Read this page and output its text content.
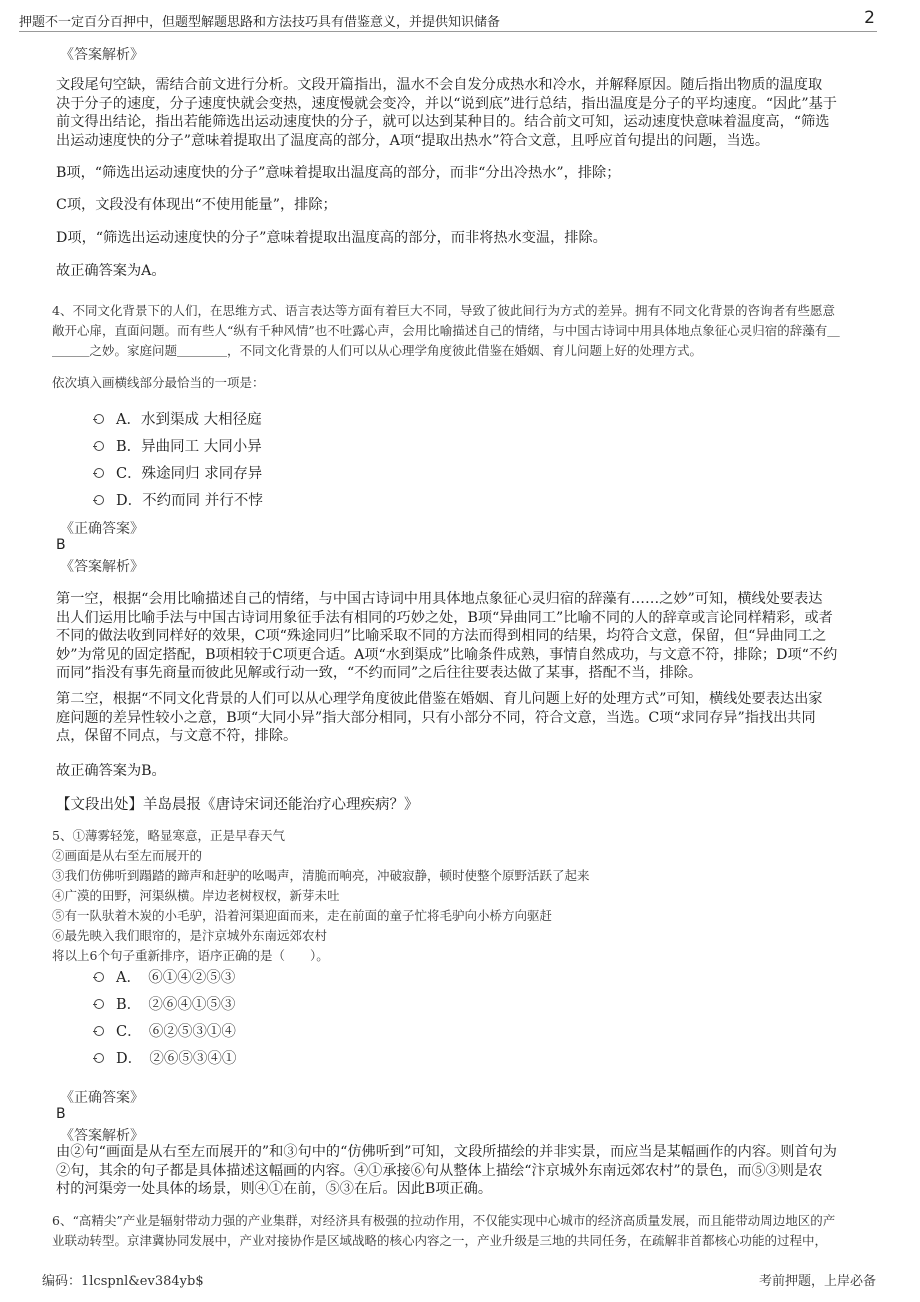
押题不一定百分百押中，但题型解题思路和方法技巧具有借鉴意义，并提供知识储备	2
《答案解析》
文段尾句空缺，需结合前文进行分析。文段开篇指出，温水不会自发分成热水和冷水，并解释原因。随后指出物质的温度取
决于分子的速度，分子速度快就会变热，速度慢就会变冷，并以“说到底”进行总结，指出温度是分子的平均速度。“因此”基于
前文得出结论，指出若能筛选出运动速度快的分子，就可以达到某种目的。结合前文可知，运动速度快意味着温度高，“筛选
出运动速度快的分子”意味着提取出了温度高的部分，A项“提取出热水”符合文意，且呼应首句提出的问题，当选。
B项，“筛选出运动速度快的分子”意味着提取出温度高的部分，而非“分出冷热水”，排除；
C项，文段没有体现出“不使用能量”，排除；
D项，“筛选出运动速度快的分子”意味着提取出温度高的部分，而非将热水变温，排除。
故正确答案为A。
4、不同文化背景下的人们，在思维方式、语言表达等方面有着巨大不同，导致了彼此间行为方式的差异。拥有不同文化背景的咨询者有些愿意
敞开心扉，直面问题。而有些人“纵有千种风情”也不吐露心声，会用比喻描述自己的情绪，与中国古诗词中用具体地点象征心灵归宿的辞藻有＿
＿＿＿之妙。家庭问题＿＿＿＿，不同文化背景的人们可以从心理学角度彼此借鉴在婚姻、育儿问题上好的处理方式。
依次填入画横线部分最恰当的一项是：
A．水到渠成 大相径庭
B．异曲同工 大同小异
C．殊途同归 求同存异
D．不约而同 并行不悖
《正确答案》
B
《答案解析》
第一空，根据“会用比喻描述自己的情绪，与中国古诗词中用具体地点象征心灵归宿的辞藻有……之妙”可知，横线处要表达
出人们运用比喻手法与中国古诗词用象征手法有相同的巧妙之处，B项“异曲同工”比喻不同的人的辞章或言论同样精彩，或者
不同的做法收到同样好的效果，C项“殊途同归”比喻采取不同的方法而得到相同的结果，均符合文意，保留，但“异曲同工之
妙”为常见的固定搭配，B项相较于C项更合适。A项“水到渠成”比喻条件成熟，事情自然成功，与文意不符，排除；D项“不约
而同”指没有事先商量而彼此见解或行动一致，“不约而同”之后往往要表达做了某事，搭配不当，排除。
第二空，根据“不同文化背景的人们可以从心理学角度彼此借鉴在婚姻、育儿问题上好的处理方式”可知，横线处要表达出家
庭问题的差异性较小之意，B项“大同小异”指大部分相同，只有小部分不同，符合文意，当选。C项“求同存异”指找出共同
点，保留不同点，与文意不符，排除。
故正确答案为B。
【文段出处】羊岛晨报《唐诗宋词还能治疗心理疾病？》
5、①薄雾轻笼，略显寒意，正是早春天气
②画面是从右至左而展开的
③我们仿佛听到蹋踏的蹄声和赶驴的吆喝声，清脆而响亮，冲破寂静，顿时使整个原野活跃了起来
④广漠的田野，河渠纵横。岸边老树杈杈，新芽未吐
⑤有一队驮着木炭的小毛驴，沿着河渠迎面而来，走在前面的童子忙将毛驴向小桥方向驱赶
⑥最先映入我们眼帘的，是汴京城外东南远郊农村
将以上6个句子重新排序，语序正确的是（　　）。
A．　⑥①④②⑤③
B．　②⑥④①⑤③
C．　⑥②⑤③①④
D．　②⑥⑤③④①
《正确答案》
B
《答案解析》
由②句“画面是从右至左而展开的”和③句中的“仿佛听到”可知，文段所描绘的并非实景，而应当是某幅画作的内容。则首句为
②句，其余的句子都是具体描述这幅画的内容。④①承接⑥句从整体上描绘“汴京城外东南远郊农村”的景色，而⑤③则是农
村的河渠旁一处具体的场景，则④①在前，⑤③在后。因此B项正确。
6、“高精尖”产业是辐射带动力强的产业集群，对经济具有极强的拉动作用，不仅能实现中心城市的经济高质量发展，而且能带动周边地区的产
业联动转型。京津冀协同发展中，产业对接协作是区域战略的核心内容之一，产业升级是三地的共同任务，在疏解非首都核心功能的过程中，
编码：1lcspnl&ev384yb$	考前押题，上岸必备
